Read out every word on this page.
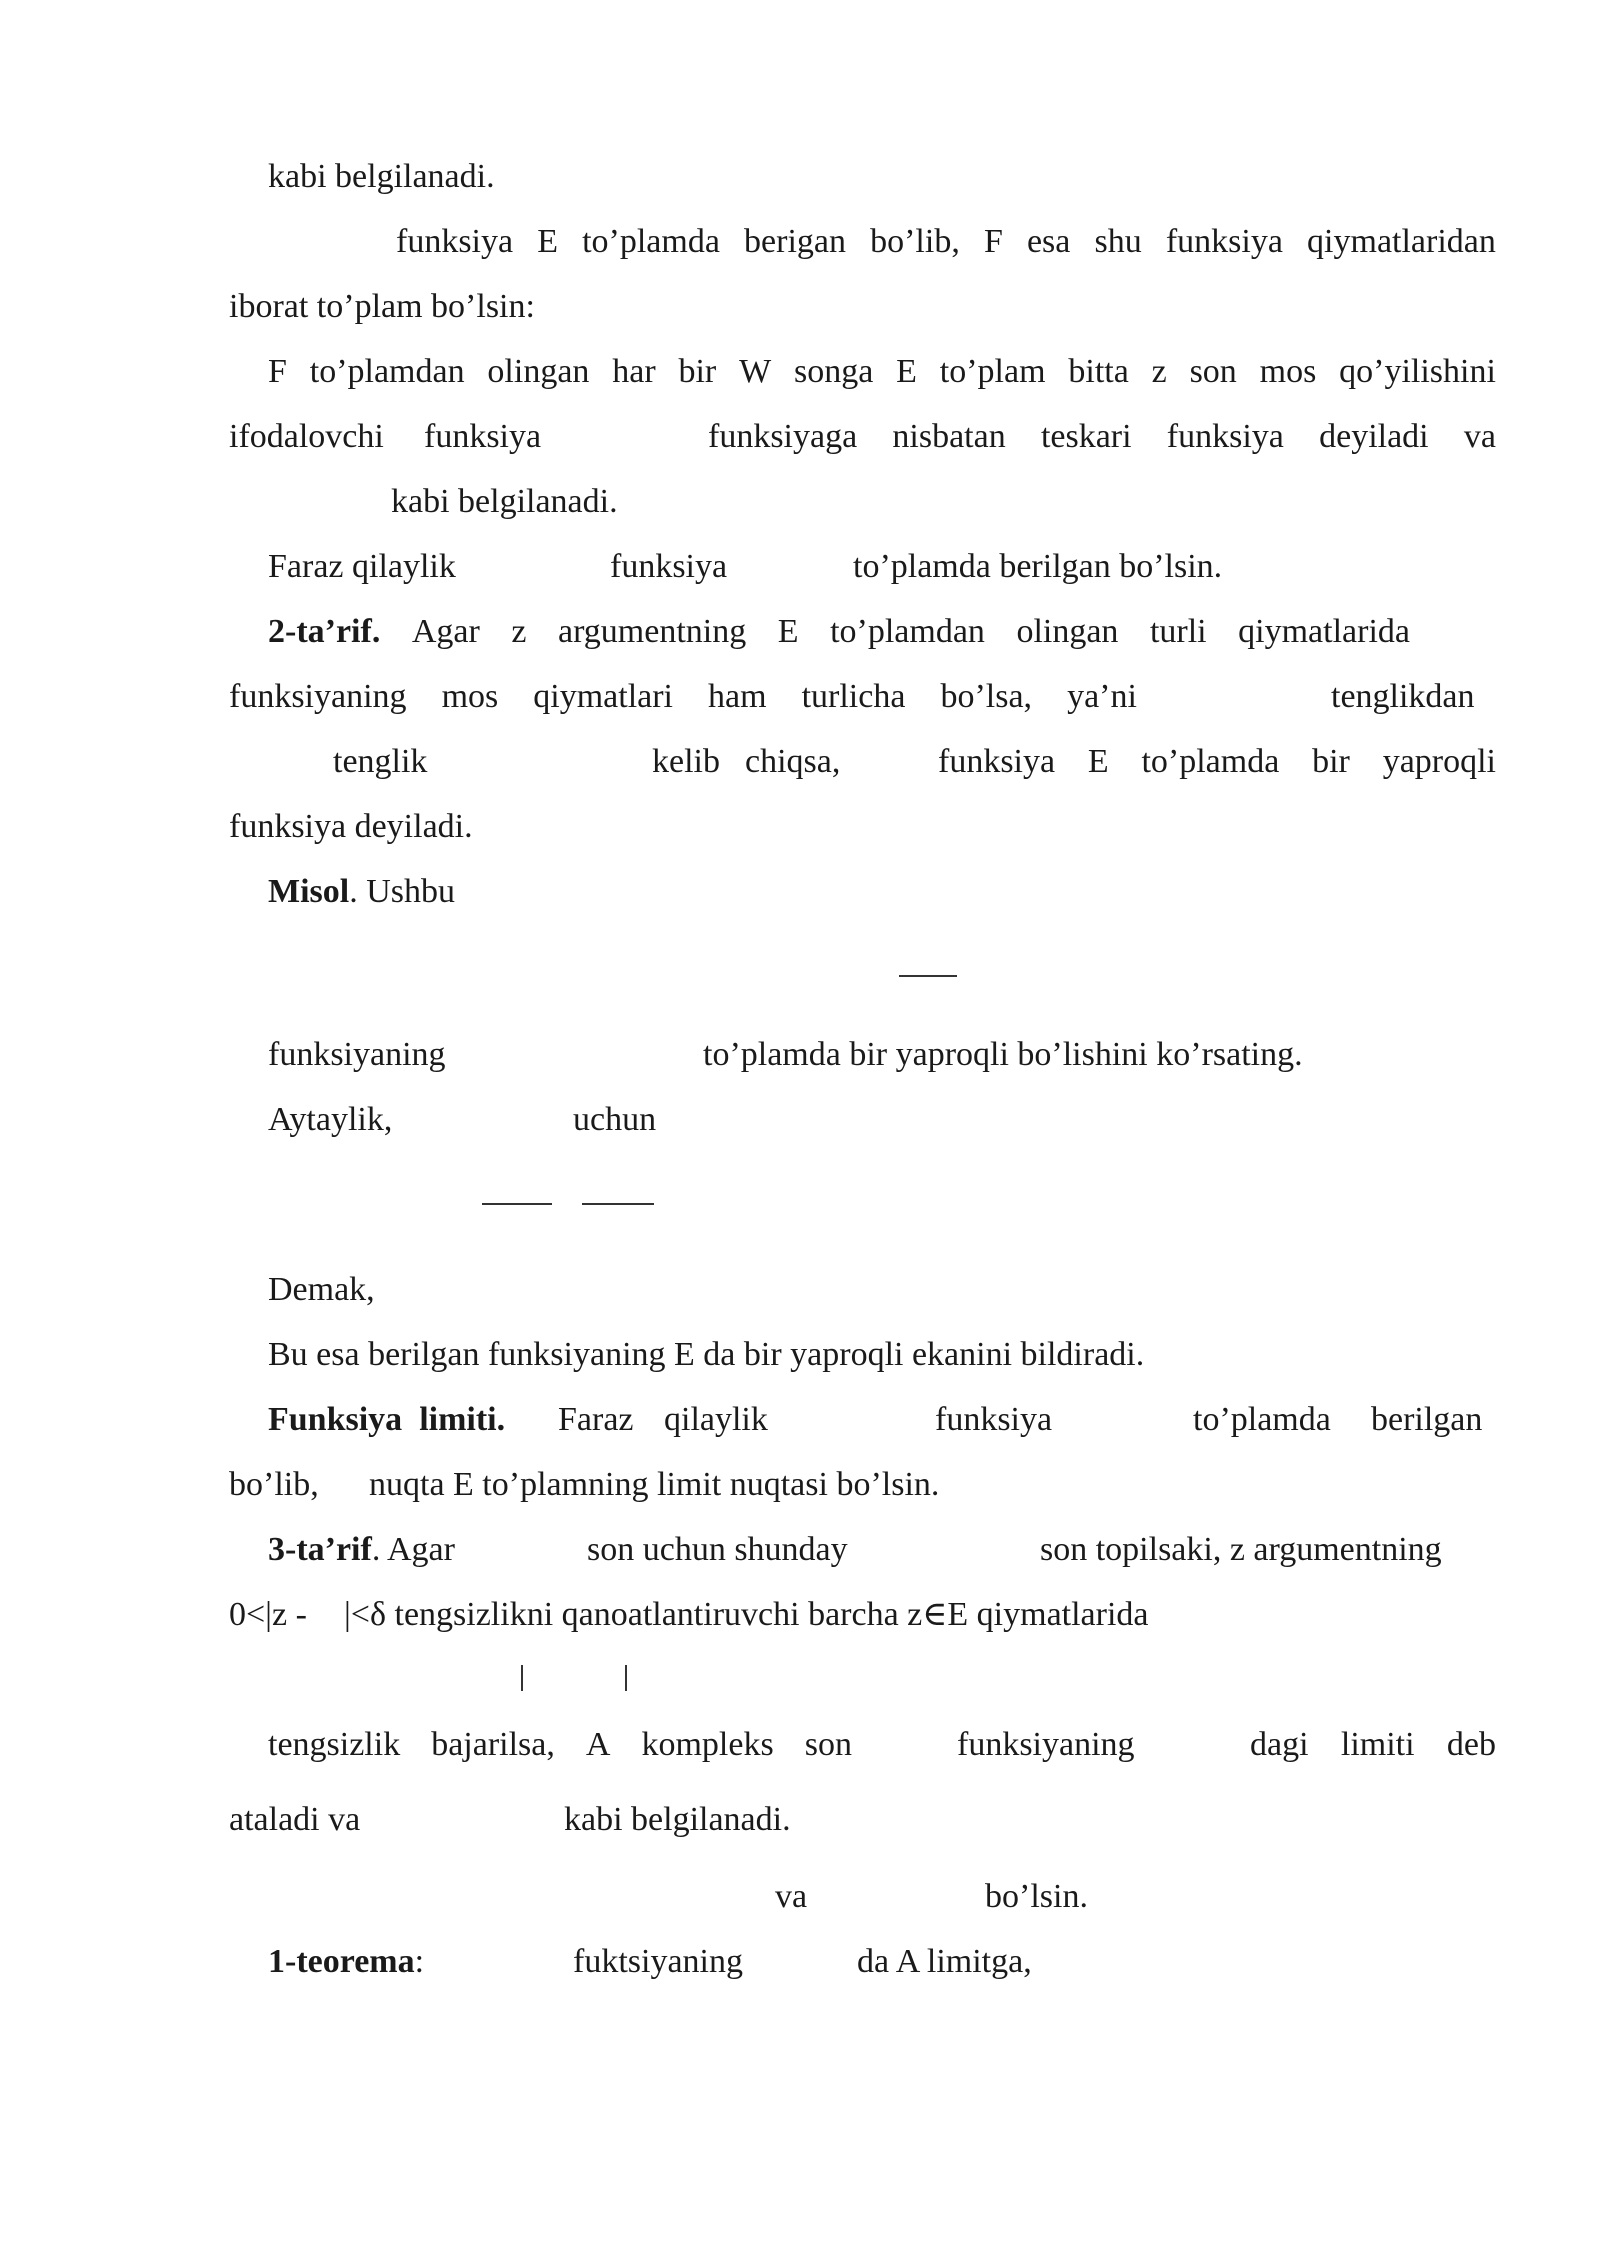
kabi belgilanadi.
funksiya E to’plamda berigan bo’lib, F esa shu funksiya qiymatlaridan
iborat to’plam bo’lsin:
F to’plamdan olingan har bir W songa E to’plam bitta z son mos qo’yilishini
ifodalovchi funksiya	funksiyaga nisbatan teskari funksiya deyiladi va
kabi belgilanadi.
Faraz qilaylik	funksiya	to’plamda berilgan bo’lsin.
2-ta’rif. Agar z argumentning E to’plamdan olingan turli qiymatlarida
funksiyaning mos qiymatlari ham turlicha bo’lsa, ya’ni	tenglikdan
tenglik	kelib chiqsa,	funksiya E to’plamda bir yaproqli
funksiya deyiladi.
Misol. Ushbu
funksiyaning	to’plamda bir yaproqli bo’lishini ko’rsating.
Aytaylik,	uchun
Demak,
Bu esa berilgan funksiyaning E da bir yaproqli ekanini bildiradi.
Funksiya limiti. Faraz qilaylik	funksiya	to’plamda berilgan
bo’lib, nuqta E to’plamning limit nuqtasi bo’lsin.
3-ta’rif. Agar	son uchun shunday	son topilsaki, z argumentning
0<|z - |<δ tengsizlikni qanoatlantiruvchi barcha z∈E qiymatlarida
tengsizlik bajarilsa, A kompleks son	funksiyaning	dagi limiti deb
ataladi va	kabi belgilanadi.
va	bo’lsin.
1-teorema:	fuktsiyaning	da A limitga,
